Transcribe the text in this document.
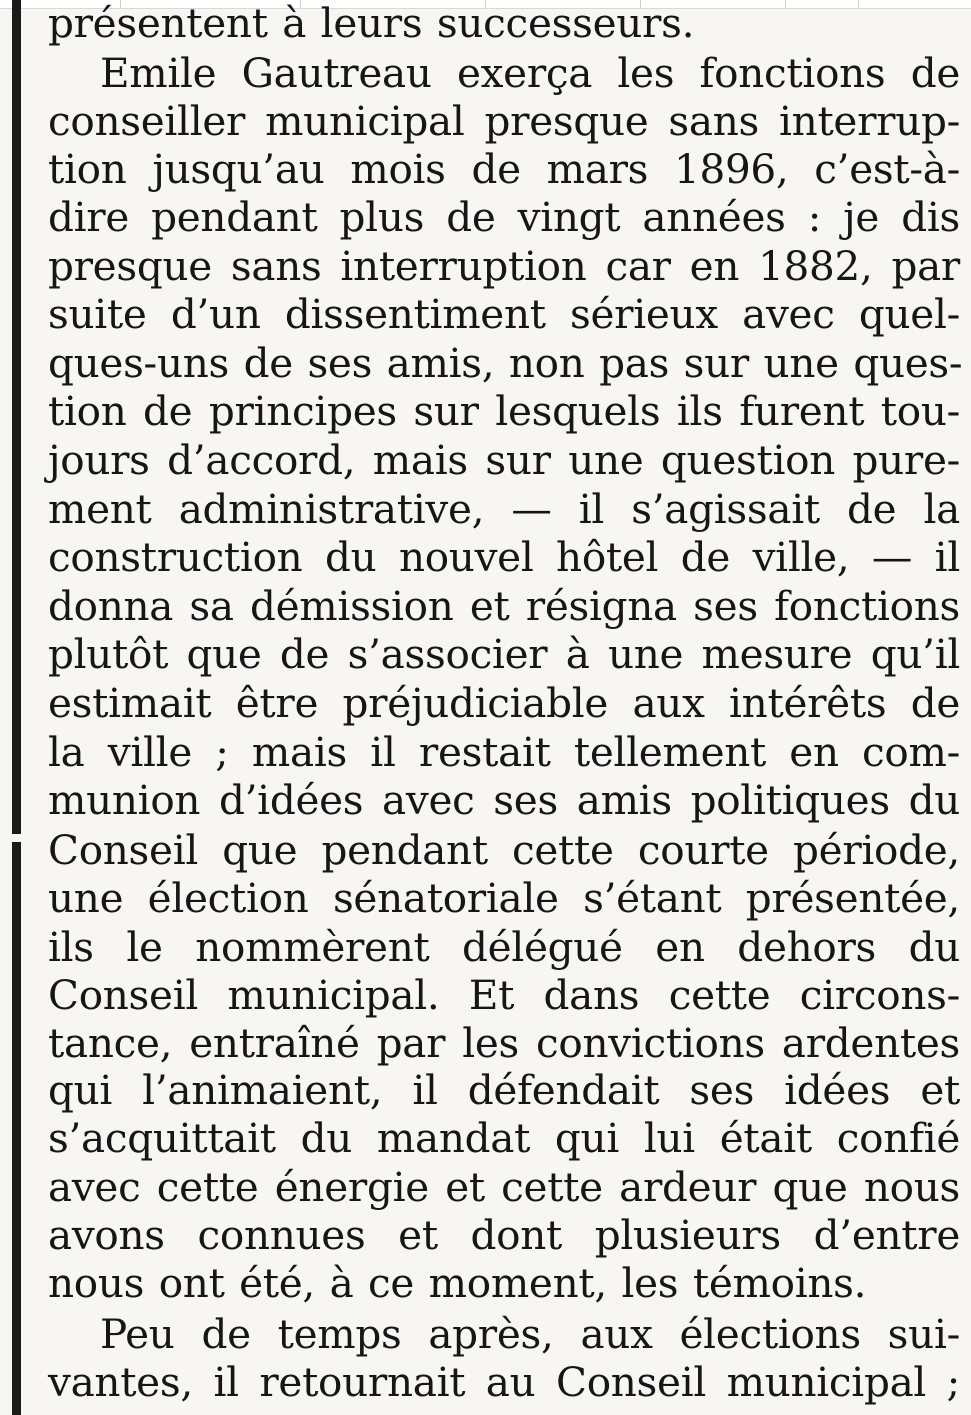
présentent à leurs successeurs.
Emile Gautreau exerça les fonctions de
conseiller municipal presque sans interrup-
tion jusqu’au mois de mars 1896, c’est-à-
dire pendant plus de vingt années : je dis
presque sans interruption car en 1882, par
suite d’un dissentiment sérieux avec quel-
ques-uns de ses amis, non pas sur une ques-
tion de principes sur lesquels ils furent tou-
jours d’accord, mais sur une question pure-
ment administrative, — il s’agissait de la
construction du nouvel hôtel de ville, — il
donna sa démission et résigna ses fonctions
plutôt que de s’associer à une mesure qu’il
estimait être préjudiciable aux intérêts de
la ville ; mais il restait tellement en com-
munion d’idées avec ses amis politiques du
Conseil que pendant cette courte période,
une élection sénatoriale s’étant présentée,
ils le nommèrent délégué en dehors du
Conseil municipal. Et dans cette circons-
tance, entraîné par les convictions ardentes
qui l’animaient, il défendait ses idées et
s’acquittait du mandat qui lui était confié
avec cette énergie et cette ardeur que nous
avons connues et dont plusieurs d’entre
nous ont été, à ce moment, les témoins.
Peu de temps après, aux élections sui-
vantes, il retournait au Conseil municipal ;
